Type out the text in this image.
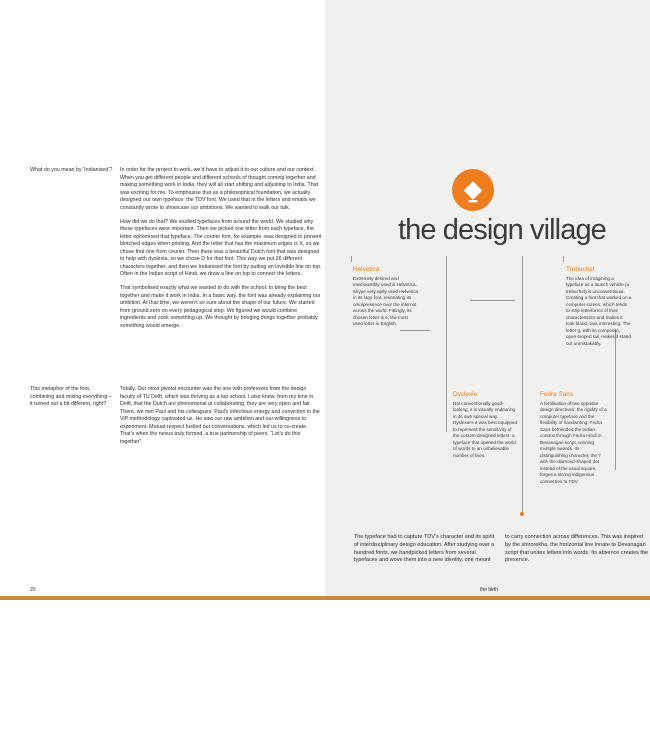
What do you mean by ‘Indianised’?
This metaphor of the font, combining and mixing everything – it turned out a bit different, right?

In order for the project to work, we’d have to adjust it to our culture and our context. When you get different people and different schools of thought coming together and making something work in India, they will all start shifting and adjusting to India. That was exciting for me. To emphasise that as a philosophical foundation, we actually designed our own typeface: the TDV font. We used that in the letters and emails we constantly wrote to showcase our ambitions. We wanted to walk our talk.

How did we do that? We studied typefaces from around the world. We studied why these typefaces were important. Then we picked one letter from each typeface, the letter epitomised that typeface. The courier font, for example, was designed to prevent blotched edges when printing. And the letter that has the maximum edges is X, so we chose that one from courier. Then there was a beautiful Dutch font that was designed to help with dyslexia, so we chose D for that font. This way we put 26 different characters together, and then we Indianised the font by putting an invisible line on top. Often in the Indian script of Hindi, we draw a line on top to connect the letters.

That symbolised exactly what we wanted to do with the school: to bring the best together and make it work in India. In a basic way, the font was already explaining our ambition. At that time, we weren’t so sure about the shape of our future. We started from ground zero on every pedagogical step. We figured we would combine ingredients and cook something up. We thought by bringing things together probably something would emerge.

Totally. Our most pivotal encounter was the one with professors from the design faculty of TU Delft, which was thriving as a top school. I also knew, from my time in Delft, that the Dutch are phenomenal at collaborating, they are very open and fair. There, we met Paul and his colleagues. Paul’s infectious energy and conviction in the ViP methodology captivated us. He saw our raw ambition and our willingness to experiment. Mutual-respect fuelled our conversations, which led us to co-create. That’s when the nexus truly formed, a true partnership of peers. “Let’s do this together”.

20
the design village
Helvetica
Extremely desired and inexhaustibly used is Helvetica. Skype very aptly used Helvetica in its logo font, resonating its omnipresence over the internet across the world. Fittingly, its chosen letter is e, the most used letter in English.
Trebuchet
The idea of imagining a typeface as a launch vehicle (a trebuchet) is unconventional. Creating a font that worked on a computer screen, which tends to strip letterforms of their characteristics and makes it look bland, was interesting. The letter g, with its composite, open-looped tail, makes it stand out unmistakably.
Dyslexie
Not conventionally good-looking, it is visually endearing in its own special way. Dyslexie’s d was best equipped to represent the sensitivity of the custom-designed letters: a typeface that opened the world of words to an unbelievable number of lives.
Fedra Sans
A fertilisation of two opposite design directives: the rigidity of a computer typeface and the flexibility of handwriting. Fedra Sans befriended the Indian context through Fedra Hindi in Devanagari script, winning multiple awards. Its distinguishing character, the ‘i’ with the diamond-shaped dot instead of the usual square, forges a strong indigenous connection to TDV.
The typeface had to capture TDV’s character and its spirit of interdisciplinary design education. After studying over a hundred fonts, we handpicked letters from several typefaces and wove them into a new identity, one meant
to carry connection across differences. This was inspired by the shirorekha, the horizontal line innate to Devanagari script that unites letters into words. Its absence creates the presence.
the birth
